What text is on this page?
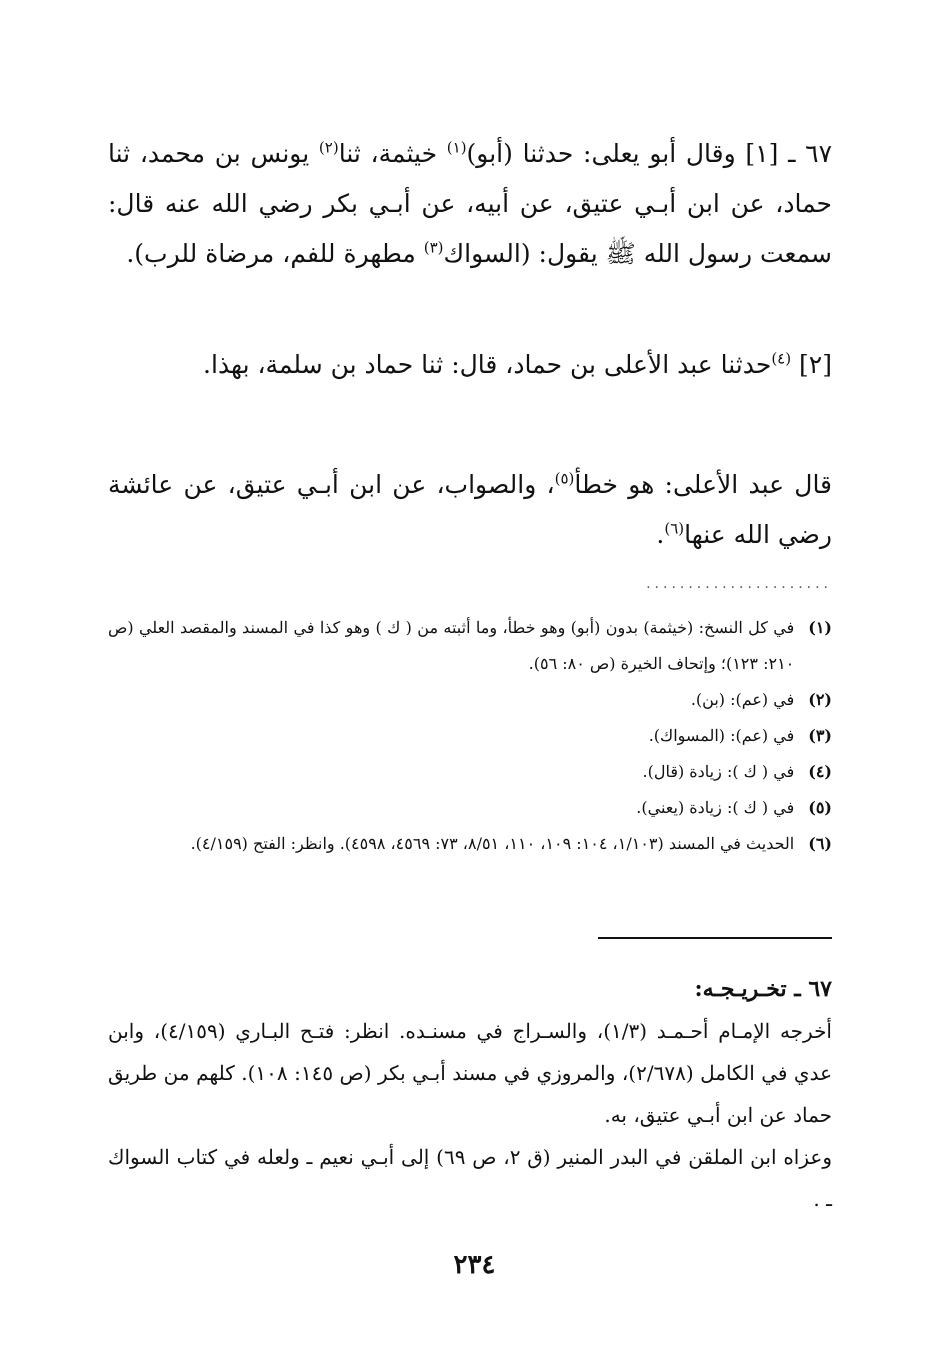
٦٧ ـ [١] وقال أبو يعلى: حدثنا (أبو)$^{(١)}$ خيثمة، ثنا$^{(٢)}$ يونس بن محمد، ثنا حماد، عن ابن أبـي عتيق، عن أبيه، عن أبـي بكر رضي الله عنه قال: سمعت رسول الله ﷺ يقول: (السواك$^{(٣)}$ مطهرة للفم، مرضاة للرب).

[٢] $^{(٤)}$حدثنا عبد الأعلى بن حماد، قال: ثنا حماد بن سلمة، بهذا.

قال عبد الأعلى: هو خطأ$^{(٥)}$، والصواب، عن ابن أبـي عتيق، عن عائشة رضي الله عنها$^{(٦)}$.

......................
(١)
في كل النسخ: (خيثمة) بدون (أبو) وهو خطأ، وما أثبته من ( ك ) وهو كذا في المسند والمقصد العلي (ص ٢١٠: ١٢٣)؛ وإتحاف الخيرة (ص ٨٠: ٥٦).
(٢)
في (عم): (بن).
(٣)
في (عم): (المسواك).
(٤)
في ( ك ): زيادة (قال).
(٥)
في ( ك ): زيادة (يعني).
(٦)
الحديث في المسند (١/١٠٣، ١٠٤: ١٠٩، ١١٠، ٨/٥١، ٧٣: ٤٥٦٩، ٤٥٩٨). وانظر: الفتح (٤/١٥٩).

٦٧ ـ تخـريـجـه:

أخرجه الإمـام أحـمـد (١/٣)، والسـراج في مسنـده. انظر: فتـح البـاري (٤/١٥٩)، وابن عدي في الكامل (٢/٦٧٨)، والمروزي في مسند أبـي بكر (ص ١٤٥: ١٠٨). كلهم من طريق حماد عن ابن أبـي عتيق، به.

وعزاه ابن الملقن في البدر المنير (ق ٢، ص ٦٩) إلى أبـي نعيم ـ ولعله في كتاب السواك ـ .

٢٣٤
